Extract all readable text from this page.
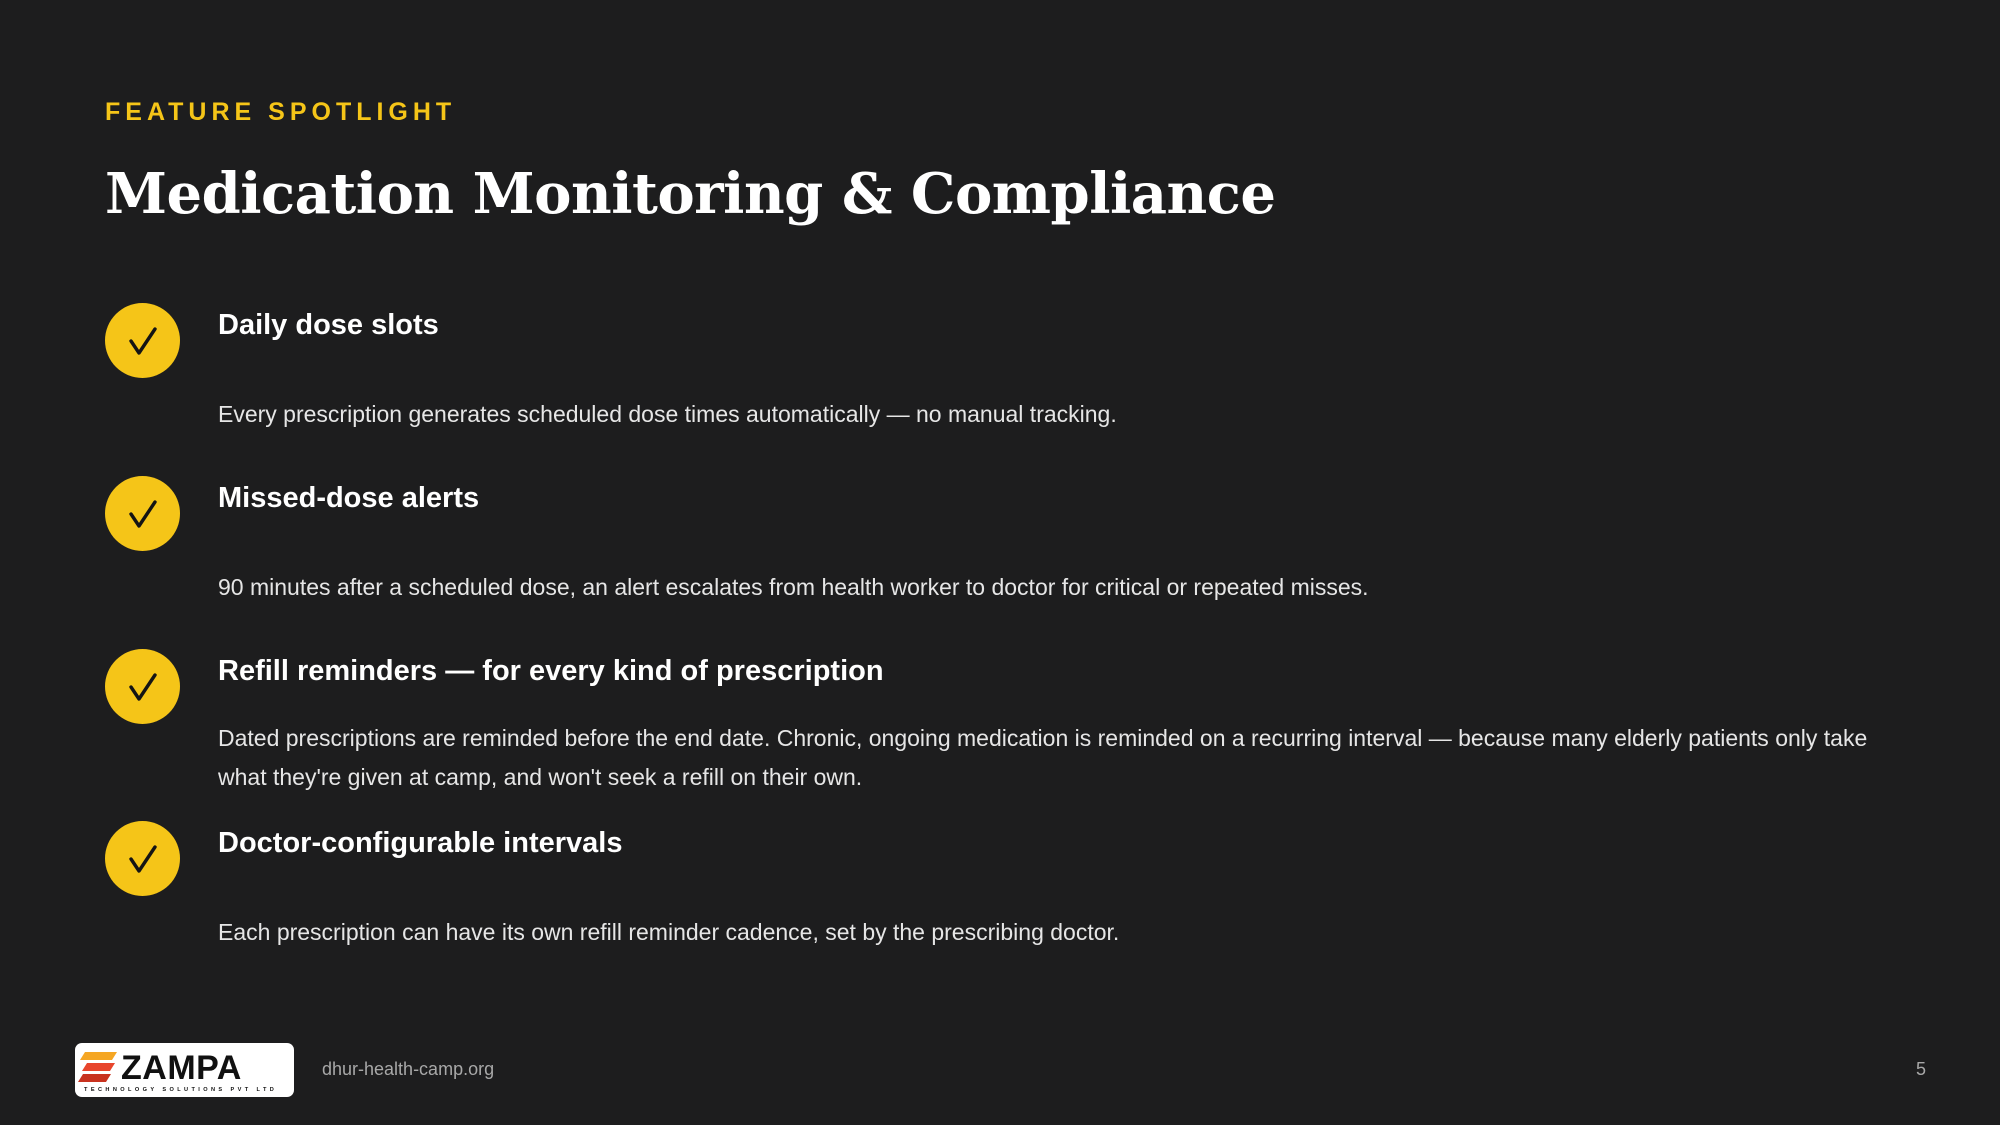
FEATURE SPOTLIGHT
Medication Monitoring & Compliance
Daily dose slots
Every prescription generates scheduled dose times automatically — no manual tracking.
Missed-dose alerts
90 minutes after a scheduled dose, an alert escalates from health worker to doctor for critical or repeated misses.
Refill reminders — for every kind of prescription
Dated prescriptions are reminded before the end date. Chronic, ongoing medication is reminded on a recurring interval — because many elderly patients only take what they're given at camp, and won't seek a refill on their own.
Doctor-configurable intervals
Each prescription can have its own refill reminder cadence, set by the prescribing doctor.
ZAMPA
TECHNOLOGY SOLUTIONS PVT LTD
dhur-health-camp.org	5
